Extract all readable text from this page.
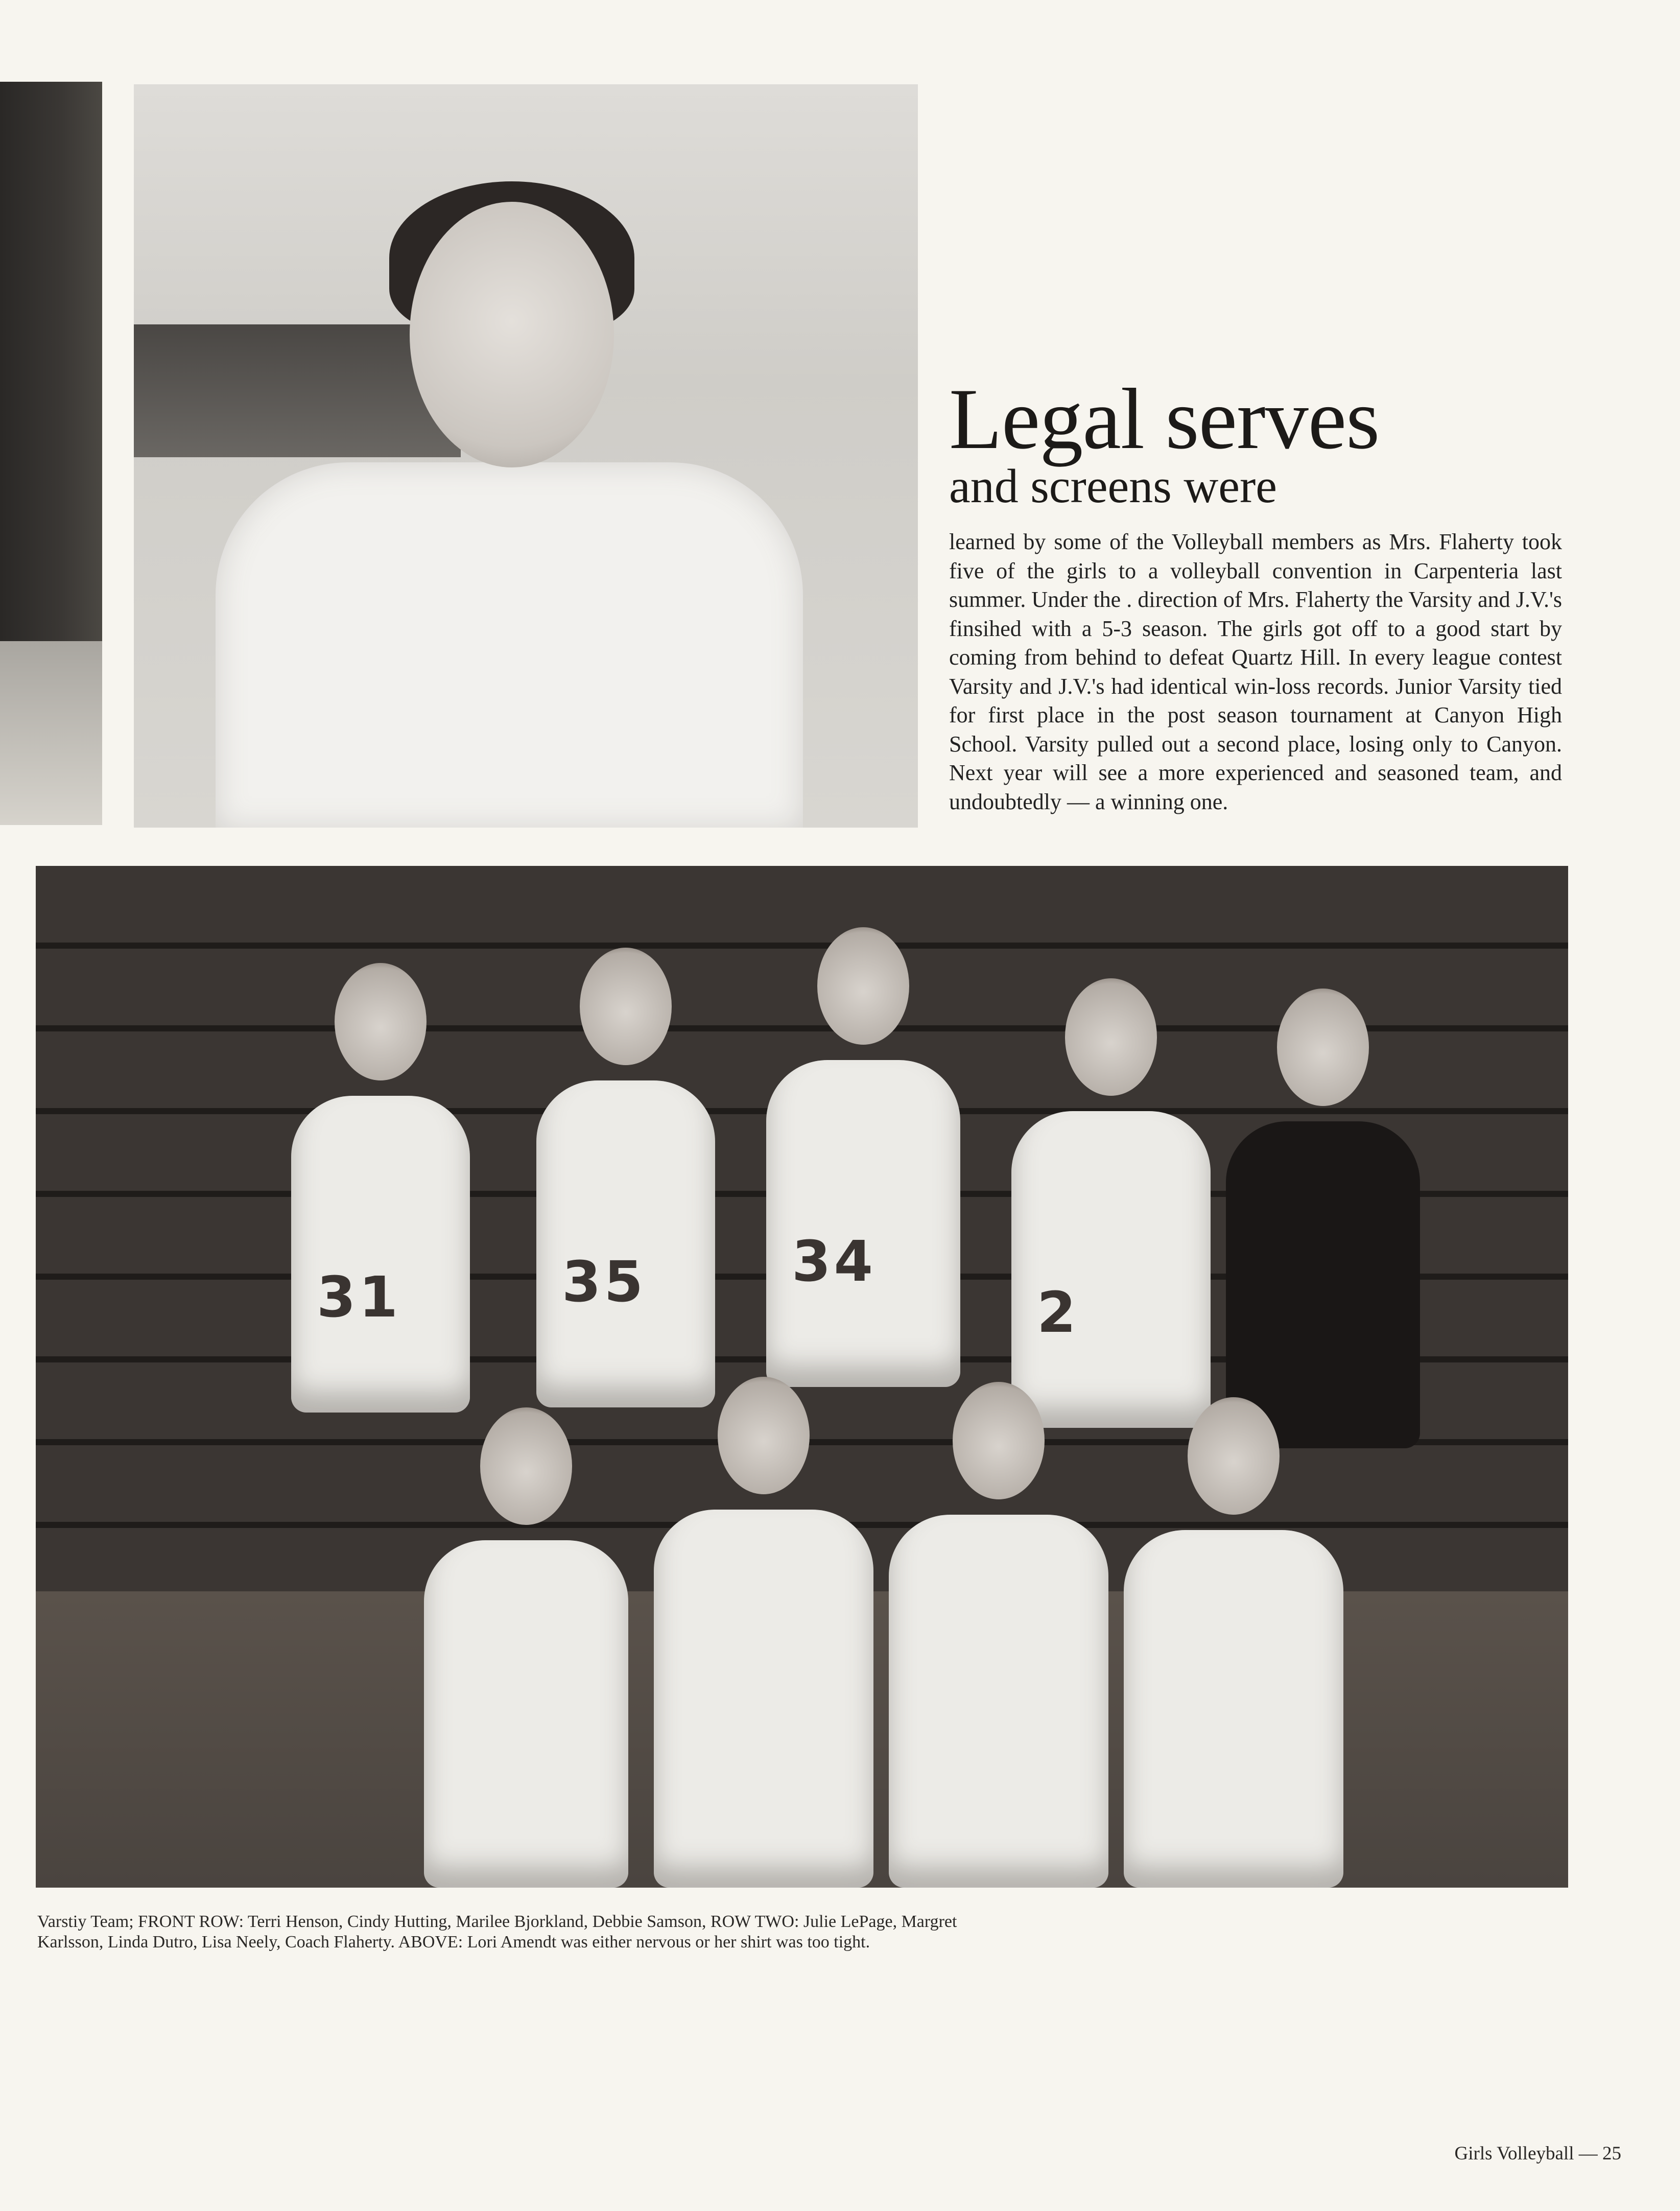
Legal serves
and screens were

learned by some of the Volleyball members as Mrs. Flaherty took five of the girls to a volleyball convention in Carpenteria last summer. Under the . direction of Mrs. Flaherty the Varsity and J.V.'s finsihed with a 5-3 season. The girls got off to a good start by coming from behind to defeat Quartz Hill. In every league contest Varsity and J.V.'s had identical win-loss records. Junior Varsity tied for first place in the post season tournament at Canyon High School. Varsity pulled out a second place, losing only to Canyon. Next year will see a more experienced and seasoned team, and undoubtedly — a winning one.

31	35	34
2

Varstiy Team; FRONT ROW: Terri Henson, Cindy Hutting, Marilee Bjorkland, Debbie Samson, ROW TWO: Julie LePage, Margret Karlsson, Linda Dutro, Lisa Neely, Coach Flaherty. ABOVE: Lori Amendt was either nervous or her shirt was too tight.

Girls Volleyball — 25
